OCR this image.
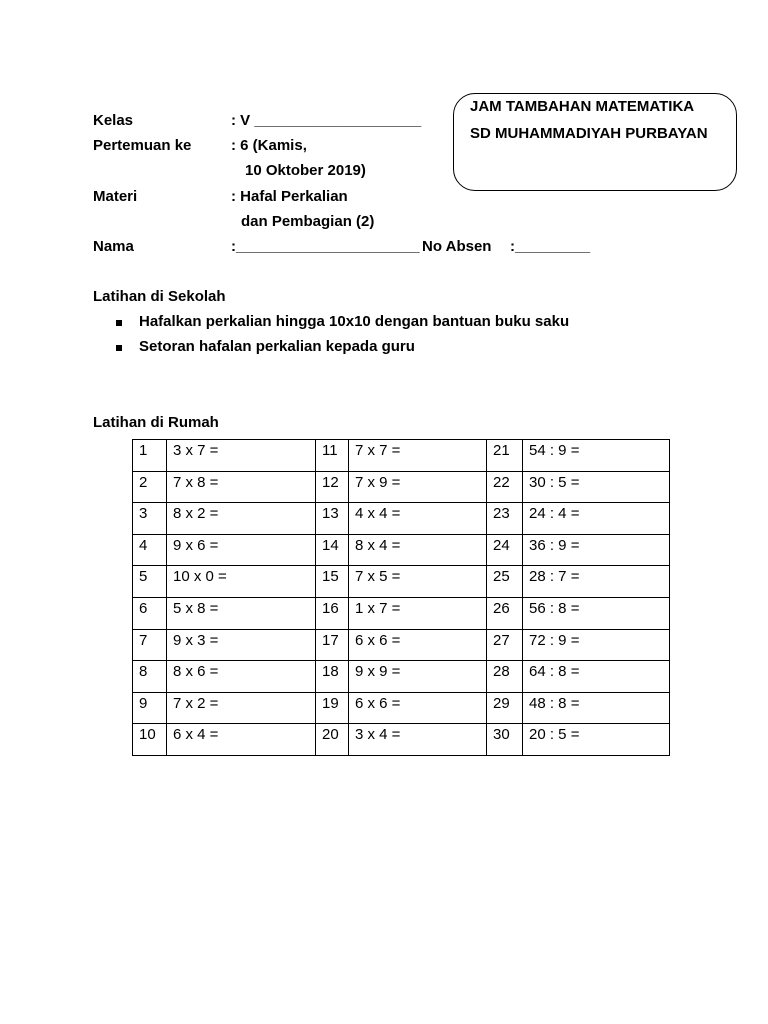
JAM TAMBAHAN MATEMATIKA
SD MUHAMMADIYAH PURBAYAN
Kelas	: V ____________________
Pertemuan ke	: 6 (Kamis,
10 Oktober 2019)
Materi	: Hafal Perkalian
dan Pembagian (2)
Nama	:______________________ No Absen :_________
Latihan di Sekolah
Hafalkan perkalian hingga 10x10 dengan bantuan buku saku
Setoran hafalan perkalian kepada guru
Latihan di Rumah
1	3 x 7 =	11	7 x 7 =	21	54 : 9 =
2	7 x 8 =	12	7 x 9 =	22	30 : 5 =
3	8 x 2 =	13	4 x 4 =	23	24 : 4 =
4	9 x 6 =	14	8 x 4 =	24	36 : 9 =
5	10 x 0 =	15	7 x 5 =	25	28 : 7 =
6	5 x 8 =	16	1 x 7 =	26	56 : 8 =
7	9 x 3 =	17	6 x 6 =	27	72 : 9 =
8	8 x 6 =	18	9 x 9 =	28	64 : 8 =
9	7 x 2 =	19	6 x 6 =	29	48 : 8 =
10	6 x 4 =	20	3 x 4 =	30	20 : 5 =
